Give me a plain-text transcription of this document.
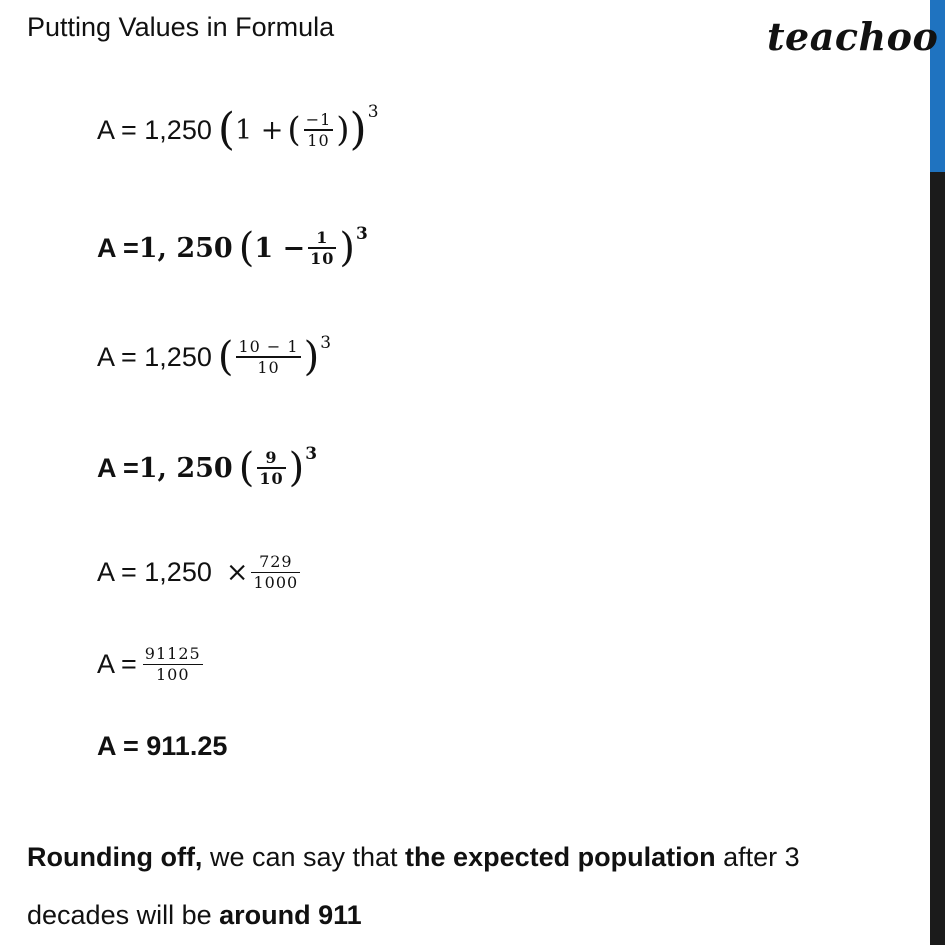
Putting Values in Formula	teachoo
A = 1,250 ( 1 + ( $\frac{-1}{10}$ ) ) 3
A = 1, 250 ( $1 - \frac{1}{10}$ ) 3
A = 1,250 ( $\frac{10 - 1}{10}$ ) 3
A = 1, 250 ( $\frac{9}{10}$ ) 3
$A = 1,250 \times \frac{729}{1000}$
$A = \frac{91125}{100}$
A = 911.25
Rounding off, we can say that the expected population after 3
decades will be around 911
